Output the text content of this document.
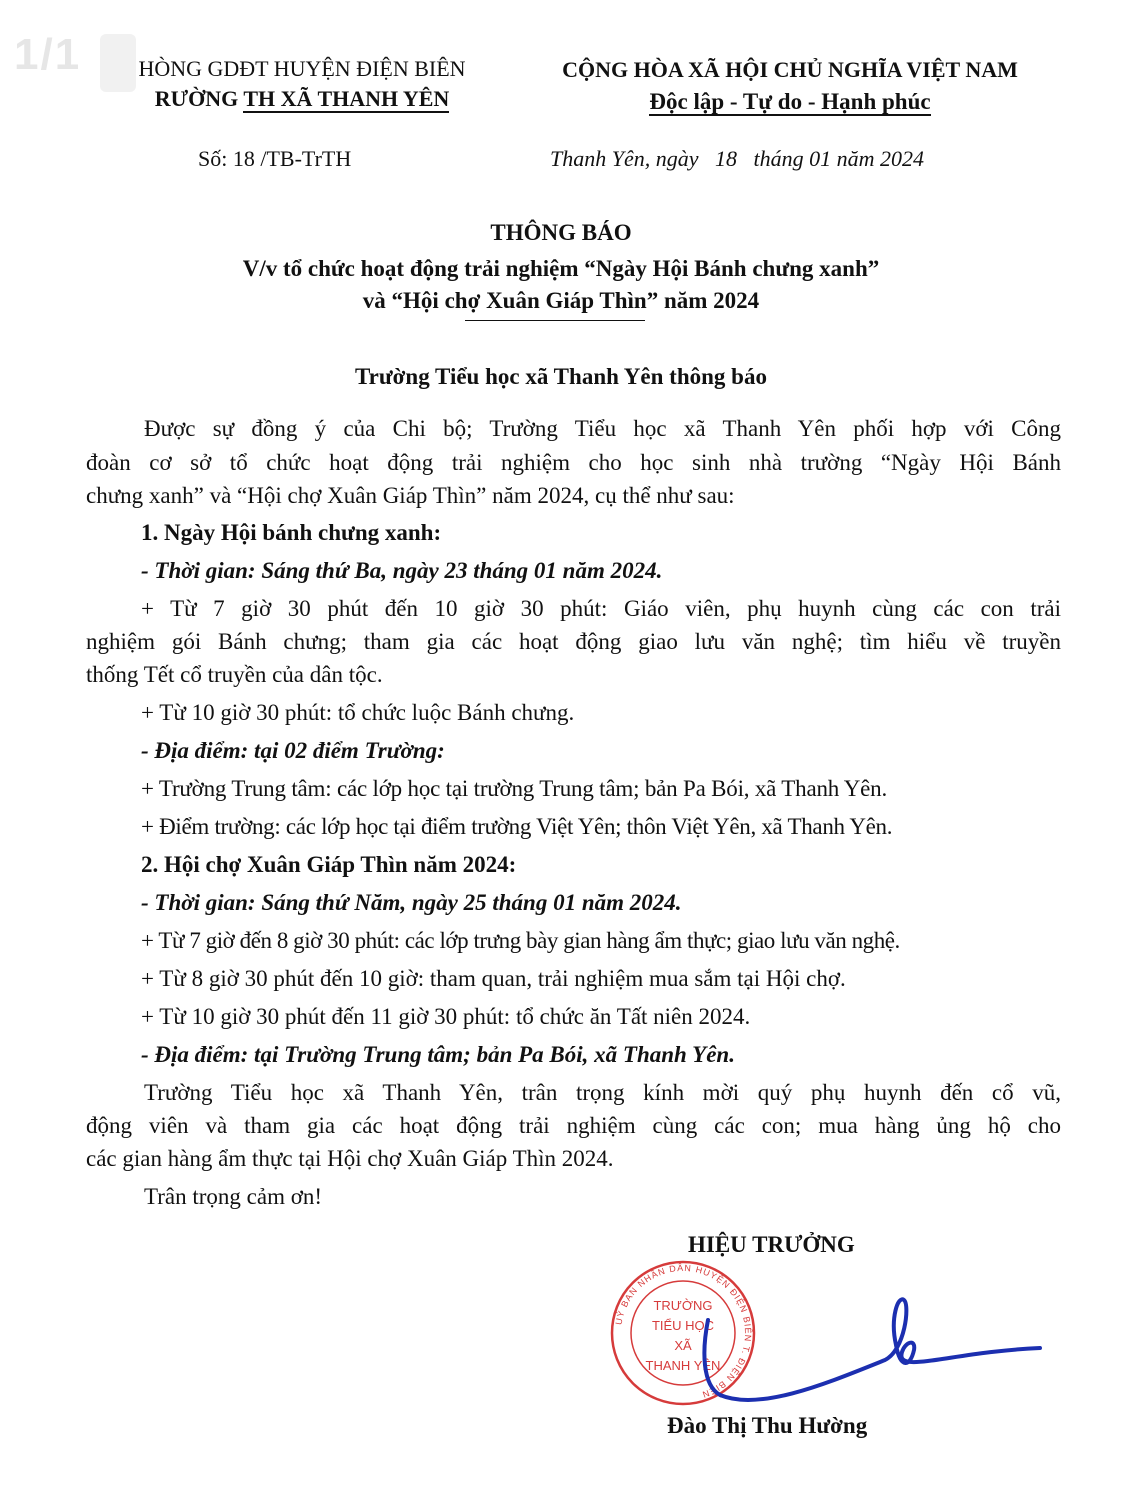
1/1	HÒNG GDĐT HUYỆN ĐIỆN BIÊN
RƯỜNG TH XÃ THANH YÊN
CỘNG HÒA XÃ HỘI CHỦ NGHĨA VIỆT NAM
Độc lập - Tự do - Hạnh phúc
Số: 18 /TB-TrTH	Thanh Yên, ngày   18   tháng 01 năm 2024
THÔNG BÁO
V/v tổ chức hoạt động trải nghiệm “Ngày Hội Bánh chưng xanh”
và “Hội chợ Xuân Giáp Thìn” năm 2024
Trường Tiểu học xã Thanh Yên thông báo
Được sự đồng ý của Chi bộ; Trường Tiểu học xã Thanh Yên phối hợp với Công
đoàn cơ sở tổ chức hoạt động trải nghiệm cho học sinh nhà trường “Ngày Hội Bánh
chưng xanh” và “Hội chợ Xuân Giáp Thìn” năm 2024, cụ thể như sau:
1. Ngày Hội bánh chưng xanh:
- Thời gian: Sáng thứ Ba, ngày 23 tháng 01 năm 2024.
+ Từ 7 giờ 30 phút đến 10 giờ 30 phút: Giáo viên, phụ huynh cùng các con trải
nghiệm gói Bánh chưng; tham gia các hoạt động giao lưu văn nghệ; tìm hiểu về truyền
thống Tết cổ truyền của dân tộc.
+ Từ 10 giờ 30 phút: tổ chức luộc Bánh chưng.
- Địa điểm: tại 02 điểm Trường:
+ Trường Trung tâm: các lớp học tại trường Trung tâm; bản Pa Bói, xã Thanh Yên.
+ Điểm trường: các lớp học tại điểm trường Việt Yên; thôn Việt Yên, xã Thanh Yên.
2. Hội chợ Xuân Giáp Thìn năm 2024:
- Thời gian: Sáng thứ Năm, ngày 25 tháng 01 năm 2024.
+ Từ 7 giờ đến 8 giờ 30 phút: các lớp trưng bày gian hàng ẩm thực; giao lưu văn nghệ.
+ Từ 8 giờ 30 phút đến 10 giờ: tham quan, trải nghiệm mua sắm tại Hội chợ.
+ Từ 10 giờ 30 phút đến 11 giờ 30 phút: tổ chức ăn Tất niên 2024.
- Địa điểm: tại Trường Trung tâm; bản Pa Bói, xã Thanh Yên.
Trường Tiểu học xã Thanh Yên, trân trọng kính mời quý phụ huynh đến cổ vũ,
động viên và tham gia các hoạt động trải nghiệm cùng các con; mua hàng ủng hộ cho
các gian hàng ẩm thực tại Hội chợ Xuân Giáp Thìn 2024.
Trân trọng cảm ơn!
HIỆU TRƯỞNG
UỶ BAN NHÂN DÂN HUYỆN ĐIỆN BIÊN T. ĐIỆN BIÊN
TRƯỜNG
TIỂU HỌC
XÃ
THANH YÊN
Đào Thị Thu Hường
